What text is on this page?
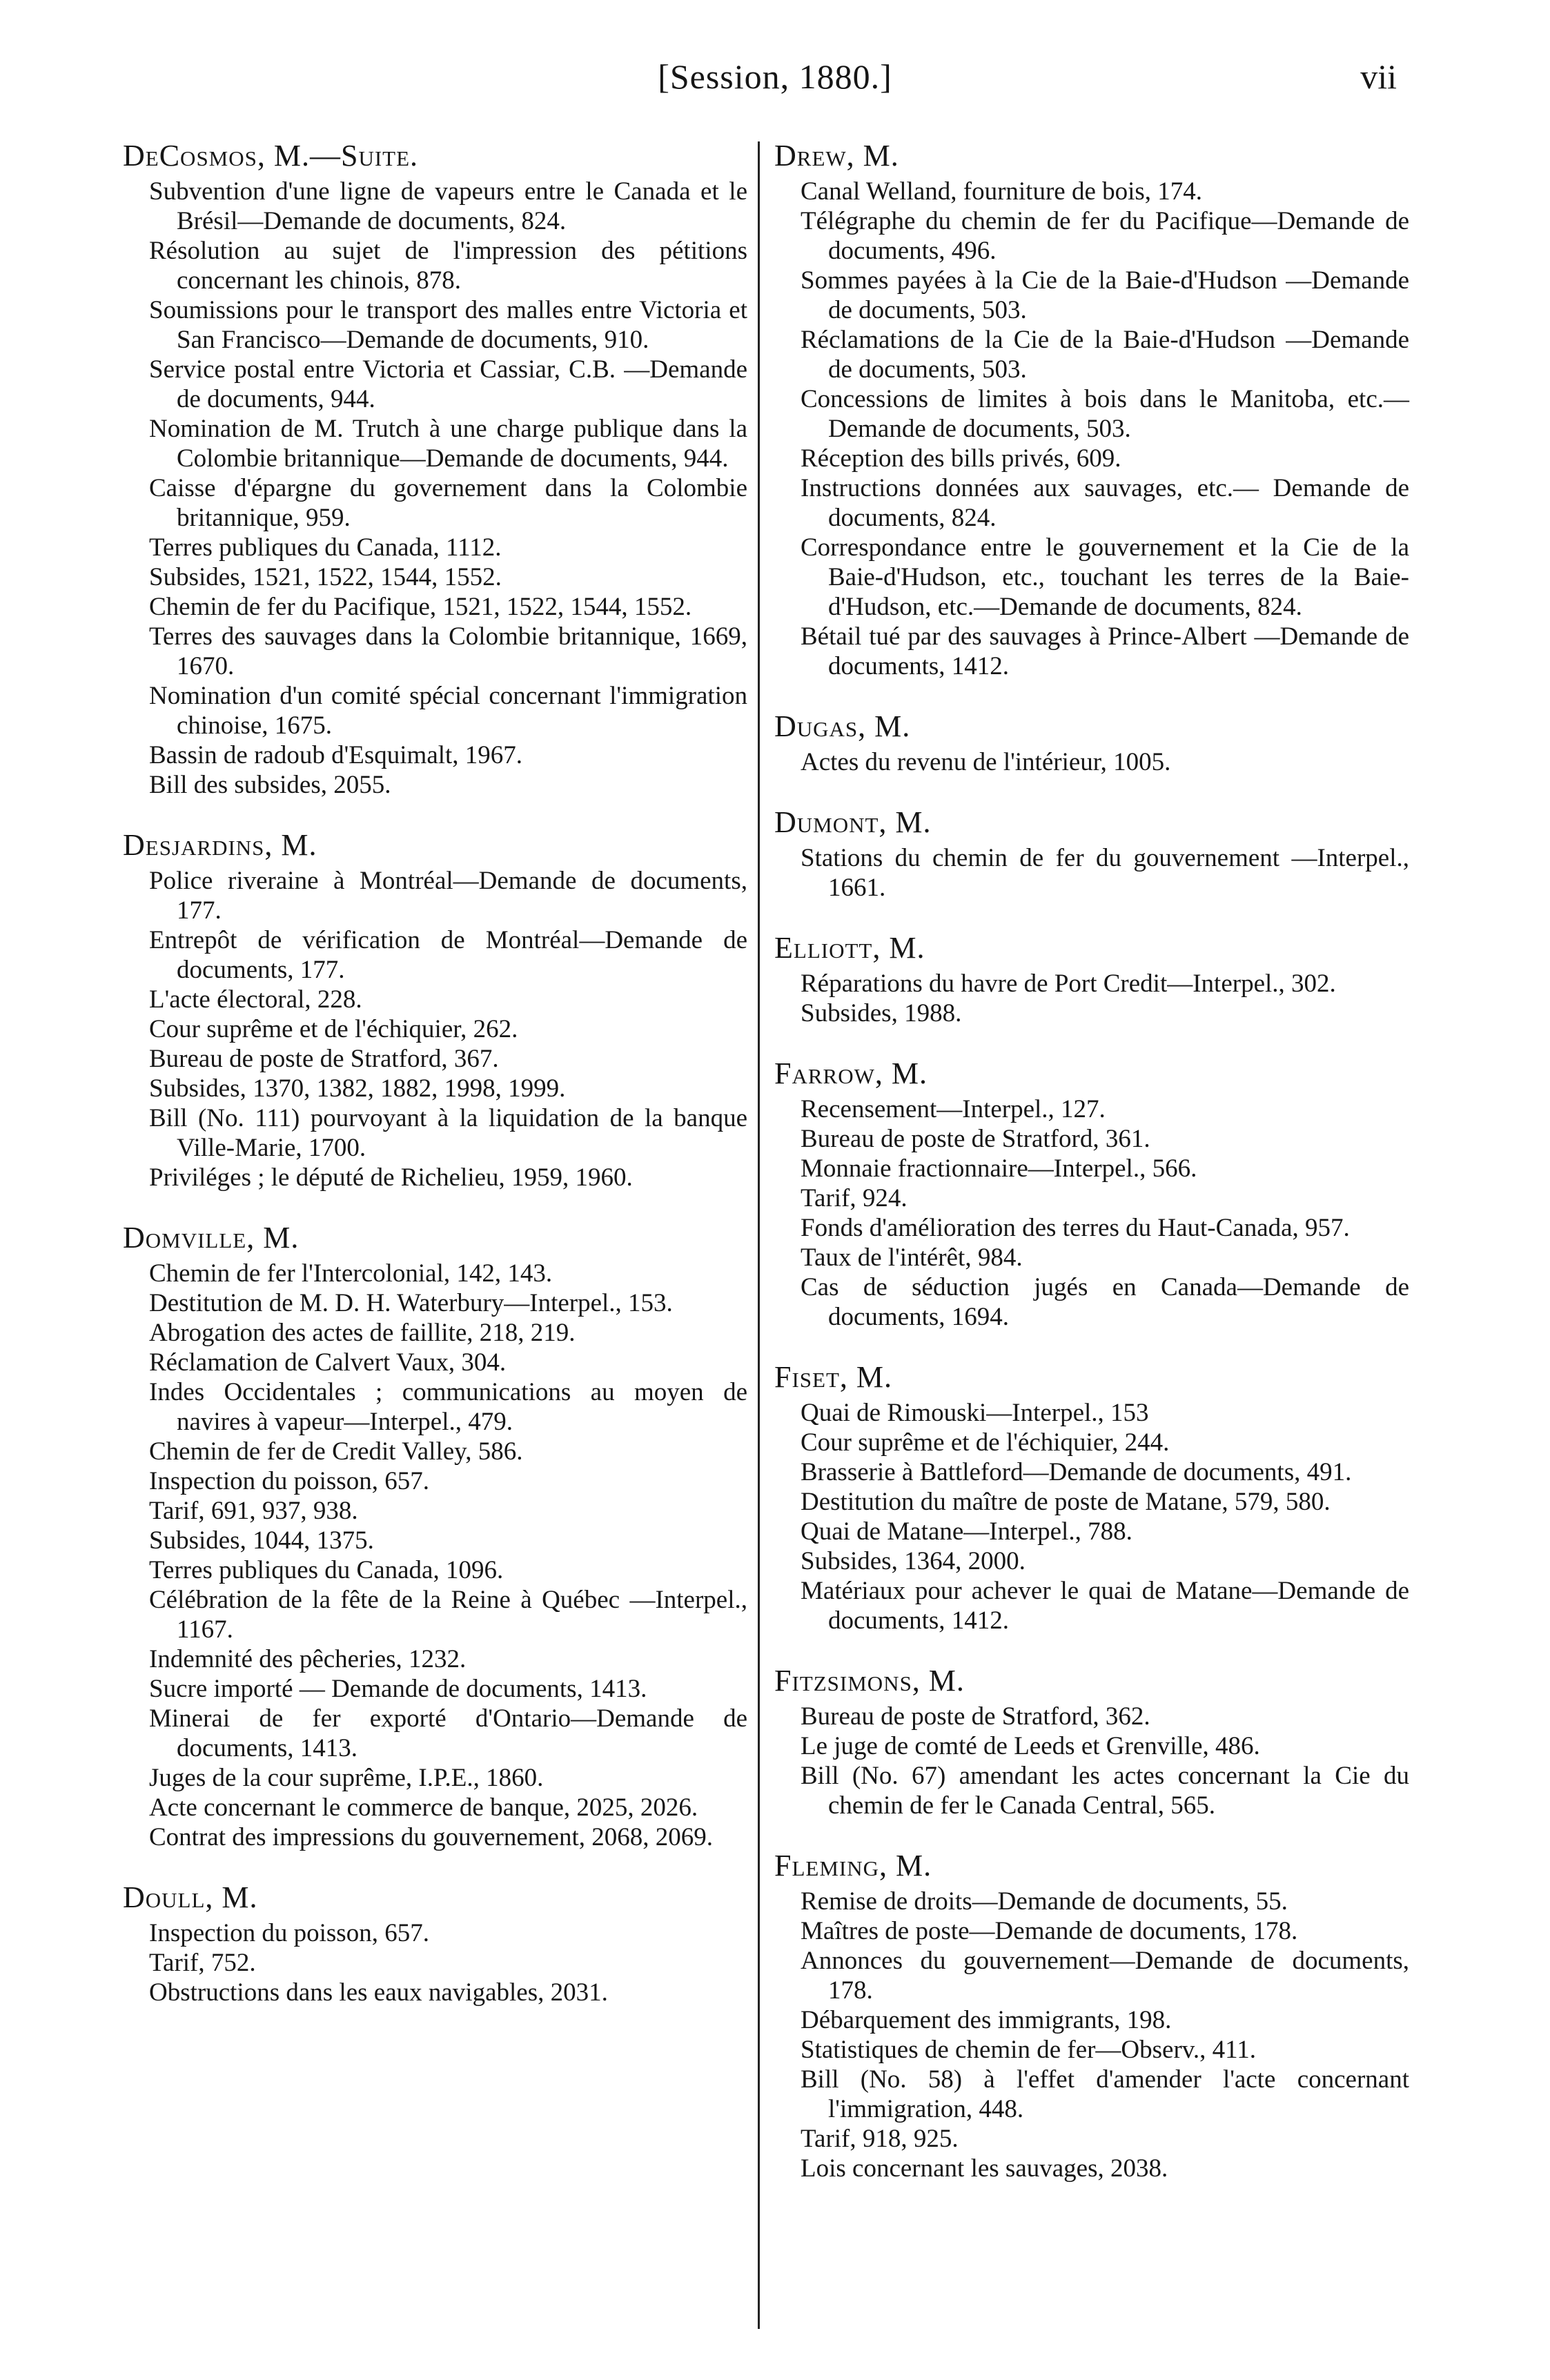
[Session, 1880.]	vii
DeCosmos, M.—Suite.

Subvention d'une ligne de vapeurs entre le Canada et le Brésil—Demande de documents, 824.

Résolution au sujet de l'impression des pétitions concernant les chinois, 878.

Soumissions pour le transport des malles entre Victoria et San Francisco—Demande de documents, 910.

Service postal entre Victoria et Cassiar, C.B. —Demande de documents, 944.

Nomination de M. Trutch à une charge publique dans la Colombie britannique—Demande de documents, 944.

Caisse d'épargne du governement dans la Colombie britannique, 959.

Terres publiques du Canada, 1112.

Subsides, 1521, 1522, 1544, 1552.

Chemin de fer du Pacifique, 1521, 1522, 1544, 1552.

Terres des sauvages dans la Colombie britannique, 1669, 1670.

Nomination d'un comité spécial concernant l'immigration chinoise, 1675.

Bassin de radoub d'Esquimalt, 1967.

Bill des subsides, 2055.

Desjardins, M.

Police riveraine à Montréal—Demande de documents, 177.

Entrepôt de vérification de Montréal—Demande de documents, 177.

L'acte électoral, 228.

Cour suprême et de l'échiquier, 262.

Bureau de poste de Stratford, 367.

Subsides, 1370, 1382, 1882, 1998, 1999.

Bill (No. 111) pourvoyant à la liquidation de la banque Ville-Marie, 1700.

Priviléges ; le député de Richelieu, 1959, 1960.

Domville, M.

Chemin de fer l'Intercolonial, 142, 143.

Destitution de M. D. H. Waterbury—Interpel., 153.

Abrogation des actes de faillite, 218, 219.

Réclamation de Calvert Vaux, 304.

Indes Occidentales ; communications au moyen de navires à vapeur—Interpel., 479.

Chemin de fer de Credit Valley, 586.

Inspection du poisson, 657.

Tarif, 691, 937, 938.

Subsides, 1044, 1375.

Terres publiques du Canada, 1096.

Célébration de la fête de la Reine à Québec —Interpel., 1167.

Indemnité des pêcheries, 1232.

Sucre importé — Demande de documents, 1413.

Minerai de fer exporté d'Ontario—Demande de documents, 1413.

Juges de la cour suprême, I.P.E., 1860.

Acte concernant le commerce de banque, 2025, 2026.

Contrat des impressions du gouvernement, 2068, 2069.

Doull, M.

Inspection du poisson, 657.

Tarif, 752.

Obstructions dans les eaux navigables, 2031.

Drew, M.

Canal Welland, fourniture de bois, 174.

Télégraphe du chemin de fer du Pacifique—Demande de documents, 496.

Sommes payées à la Cie de la Baie-d'Hudson —Demande de documents, 503.

Réclamations de la Cie de la Baie-d'Hudson —Demande de documents, 503.

Concessions de limites à bois dans le Manitoba, etc.—Demande de documents, 503.

Réception des bills privés, 609.

Instructions données aux sauvages, etc.— Demande de documents, 824.

Correspondance entre le gouvernement et la Cie de la Baie-d'Hudson, etc., touchant les terres de la Baie-d'Hudson, etc.—Demande de documents, 824.

Bétail tué par des sauvages à Prince-Albert —Demande de documents, 1412.

Dugas, M.

Actes du revenu de l'intérieur, 1005.

Dumont, M.

Stations du chemin de fer du gouvernement —Interpel., 1661.

Elliott, M.

Réparations du havre de Port Credit—Interpel., 302.

Subsides, 1988.

Farrow, M.

Recensement—Interpel., 127.

Bureau de poste de Stratford, 361.

Monnaie fractionnaire—Interpel., 566.

Tarif, 924.

Fonds d'amélioration des terres du Haut-Canada, 957.

Taux de l'intérêt, 984.

Cas de séduction jugés en Canada—Demande de documents, 1694.

Fiset, M.

Quai de Rimouski—Interpel., 153

Cour suprême et de l'échiquier, 244.

Brasserie à Battleford—Demande de documents, 491.

Destitution du maître de poste de Matane, 579, 580.

Quai de Matane—Interpel., 788.

Subsides, 1364, 2000.

Matériaux pour achever le quai de Matane—Demande de documents, 1412.

Fitzsimons, M.

Bureau de poste de Stratford, 362.

Le juge de comté de Leeds et Grenville, 486.

Bill (No. 67) amendant les actes concernant la Cie du chemin de fer le Canada Central, 565.

Fleming, M.

Remise de droits—Demande de documents, 55.

Maîtres de poste—Demande de documents, 178.

Annonces du gouvernement—Demande de documents, 178.

Débarquement des immigrants, 198.

Statistiques de chemin de fer—Observ., 411.

Bill (No. 58) à l'effet d'amender l'acte concernant l'immigration, 448.

Tarif, 918, 925.

Lois concernant les sauvages, 2038.
